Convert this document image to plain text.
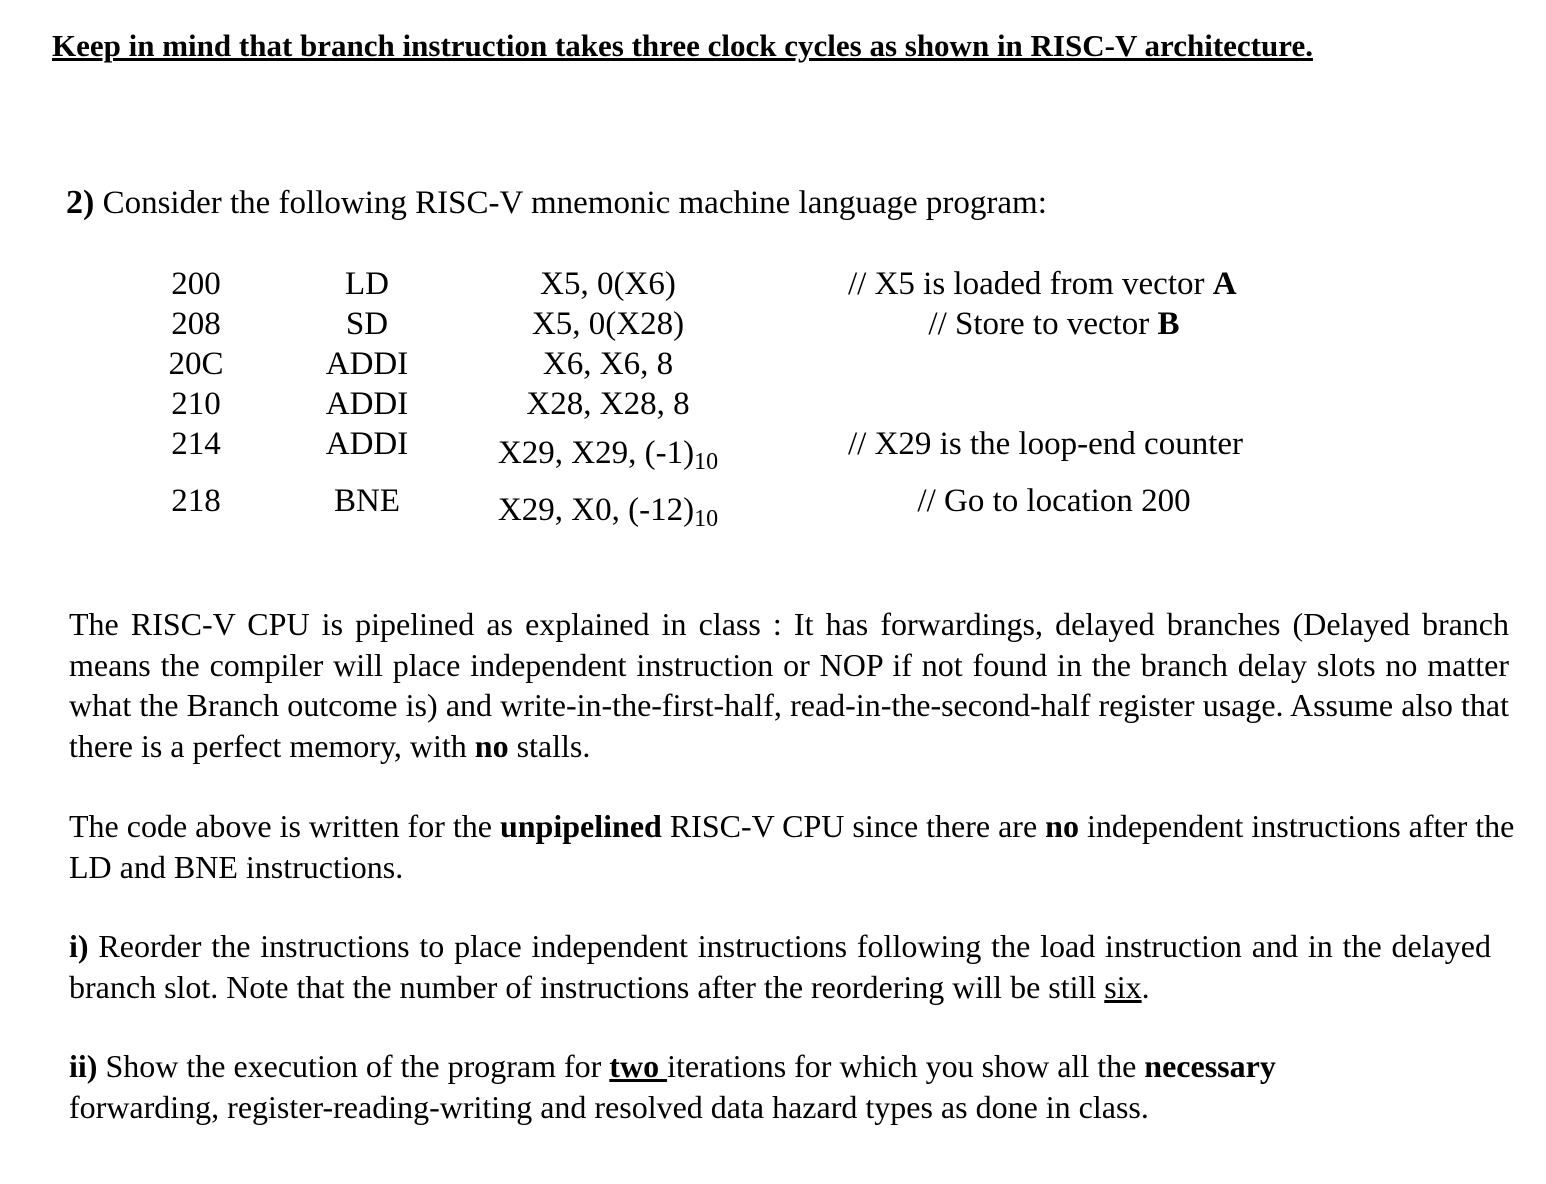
Keep in mind that branch instruction takes three clock cycles as shown in RISC-V architecture.
2) Consider the following RISC-V mnemonic machine language program:
200	LD	X5, 0(X6)	// X5 is loaded from vector A
208	SD	X5, 0(X28)	// Store to vector B
20C	ADDI	X6, X6, 8
210	ADDI	X28, X28, 8
214	ADDI	X29, X29, $(-1)_{10}$	// X29 is the loop-end counter
218	BNE	X29, X0, $(-12)_{10}$	// Go to location 200

The RISC-V CPU is pipelined as explained in class : It has forwardings, delayed branches (Delayed branch means the compiler will place independent instruction or NOP if not found in the branch delay slots no matter what the Branch outcome is) and write-in-the-first-half, read-in-the-second-half register usage. Assume also that there is a perfect memory, with no stalls.

The code above is written for the unpipelined RISC-V CPU since there are no independent instructions after the LD and BNE instructions.

i) Reorder the instructions to place independent instructions following the load instruction and in the delayed branch slot. Note that the number of instructions after the reordering will be still six.

ii) Show the execution of the program for two iterations for which you show all the necessary forwarding, register-reading-writing and resolved data hazard types as done in class.
